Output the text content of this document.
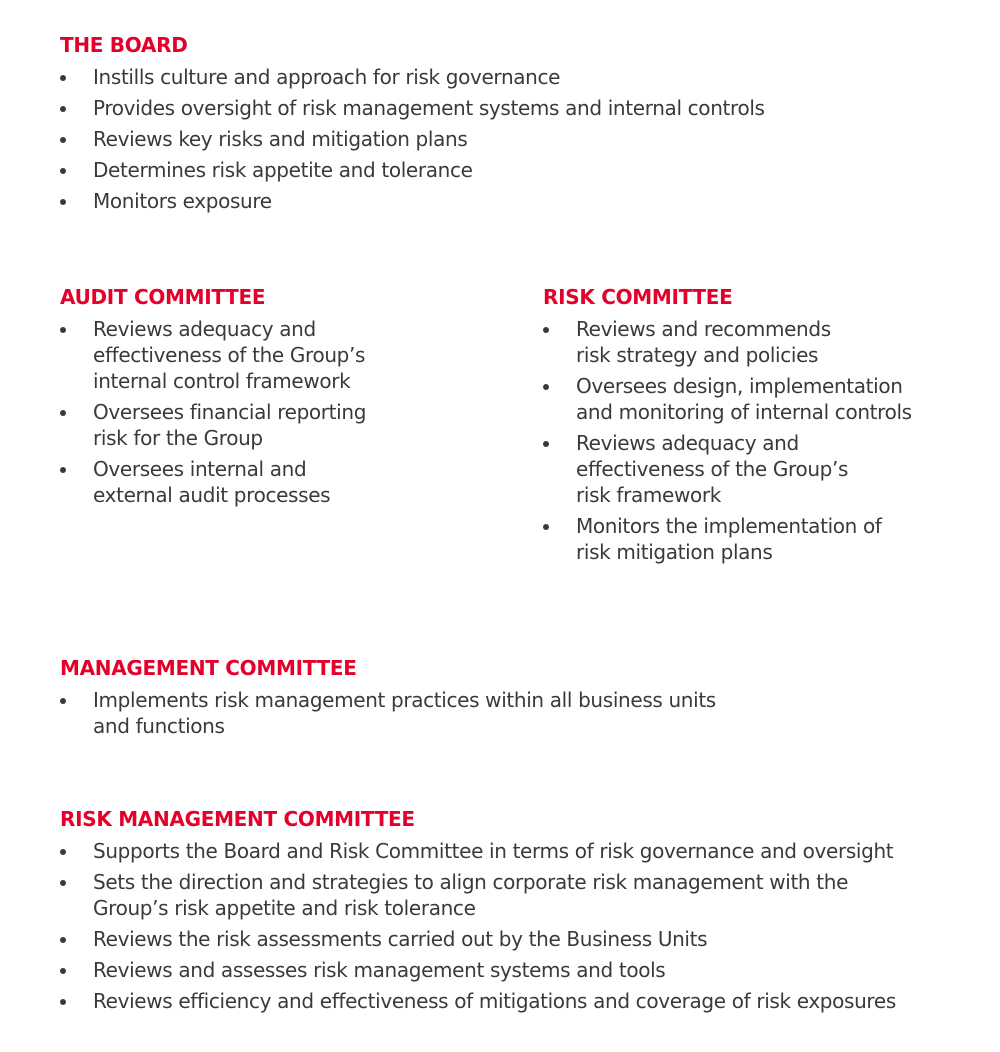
THE BOARD
Instills culture and approach for risk governance
Provides oversight of risk management systems and internal controls
Reviews key risks and mitigation plans
Determines risk appetite and tolerance
Monitors exposure
AUDIT COMMITTEE
Reviews adequacy and
effectiveness of the Group’s
internal control framework
Oversees financial reporting
risk for the Group
Oversees internal and
external audit processes
RISK COMMITTEE
Reviews and recommends
risk strategy and policies
Oversees design, implementation
and monitoring of internal controls
Reviews adequacy and
effectiveness of the Group’s
risk framework
Monitors the implementation of
risk mitigation plans
MANAGEMENT COMMITTEE
Implements risk management practices within all business units
and functions
RISK MANAGEMENT COMMITTEE
Supports the Board and Risk Committee in terms of risk governance and oversight
Sets the direction and strategies to align corporate risk management with the
Group’s risk appetite and risk tolerance
Reviews the risk assessments carried out by the Business Units
Reviews and assesses risk management systems and tools
Reviews efficiency and effectiveness of mitigations and coverage of risk exposures
